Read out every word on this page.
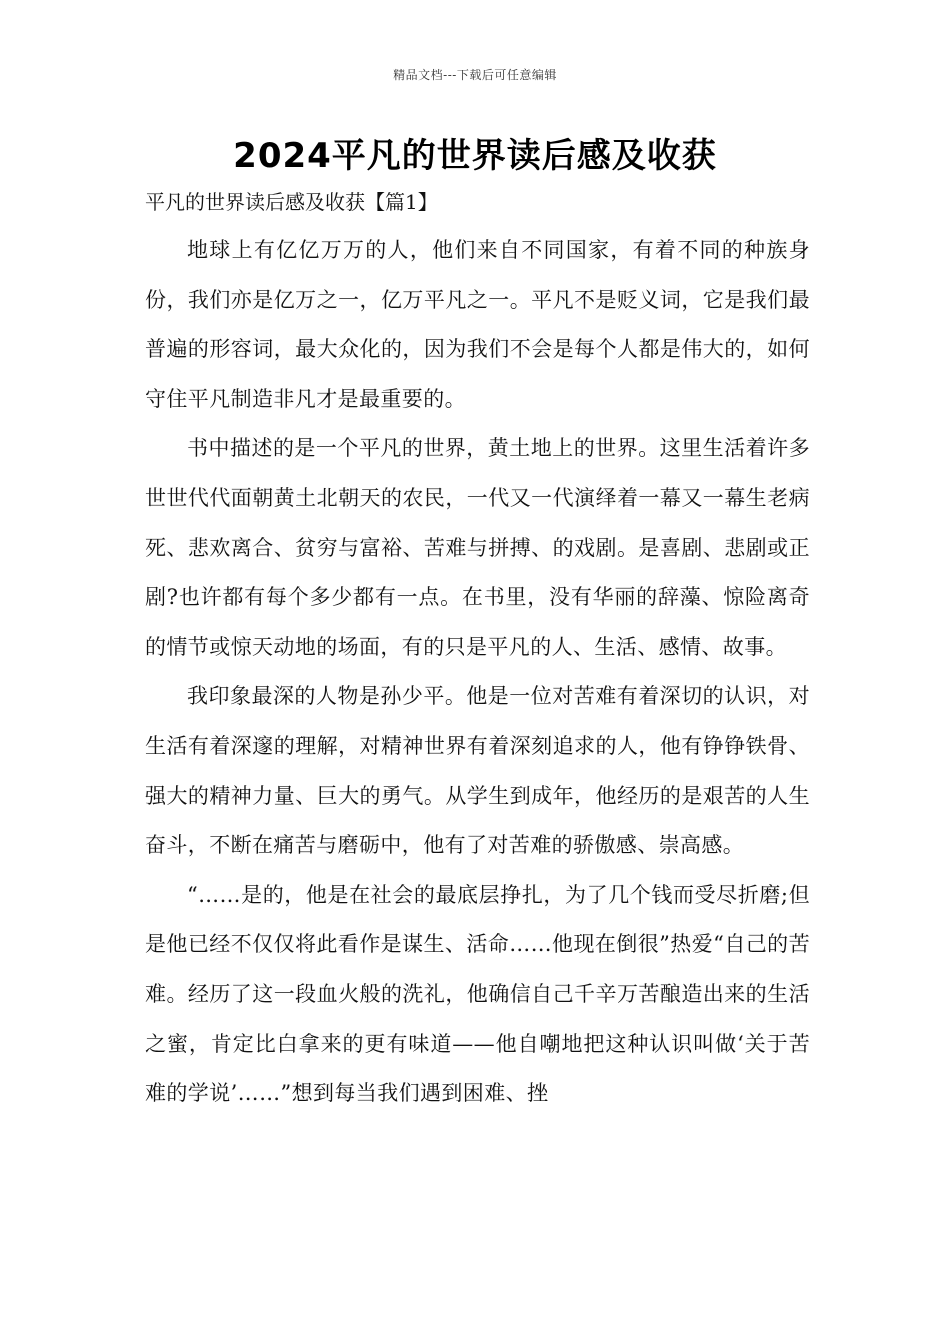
精品文档---下载后可任意编辑
2024平凡的世界读后感及收获
平凡的世界读后感及收获【篇1】

地球上有亿亿万万的人，他们来自不同国家，有着不同的种族身份，我们亦是亿万之一，亿万平凡之一。平凡不是贬义词，它是我们最普遍的形容词，最大众化的，因为我们不会是每个人都是伟大的，如何守住平凡制造非凡才是最重要的。

书中描述的是一个平凡的世界，黄土地上的世界。这里生活着许多世世代代面朝黄土北朝天的农民，一代又一代演绎着一幕又一幕生老病死、悲欢离合、贫穷与富裕、苦难与拼搏、的戏剧。是喜剧、悲剧或正剧?也许都有每个多少都有一点。在书里，没有华丽的辞藻、惊险离奇的情节或惊天动地的场面，有的只是平凡的人、生活、感情、故事。

我印象最深的人物是孙少平。他是一位对苦难有着深切的认识，对生活有着深邃的理解，对精神世界有着深刻追求的人，他有铮铮铁骨、强大的精神力量、巨大的勇气。从学生到成年，他经历的是艰苦的人生奋斗，不断在痛苦与磨砺中，他有了对苦难的骄傲感、崇高感。

“……是的，他是在社会的最底层挣扎，为了几个钱而受尽折磨;但是他已经不仅仅将此看作是谋生、活命……他现在倒很”热爱“自己的苦难。经历了这一段血火般的洗礼，他确信自己千辛万苦酿造出来的生活之蜜，肯定比白拿来的更有味道——他自嘲地把这种认识叫做‘关于苦难的学说’……”想到每当我们遇到困难、挫
